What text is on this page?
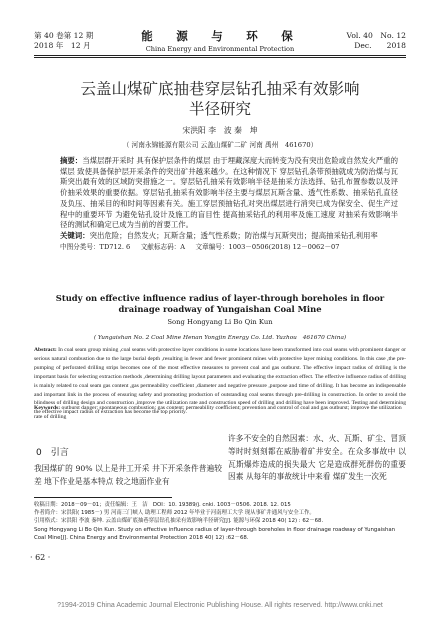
第 40 卷第 12 期
2018 年　12 月
能　源　与　环　保
China Energy and Environmental Protection
Vol. 40　No. 12
Dec.　　2018
云盖山煤矿底抽巷穿层钻孔抽采有效影响
半径研究
宋洪阳 李　波 秦　坤
（ 河南永锦能源有限公司 云盖山煤矿二矿 河南 禹州　461670）
摘要：当煤层群开采时 具有保护层条件的煤层 由于埋藏深度大而转变为没有突出危险或自然发火严重的煤层 致使具备保护层开采条件的突出矿井越来越少。在这种情况下 穿层钻孔条带预抽就成为防治煤与瓦斯突出最有效的区域防突措施之一。穿层钻孔抽采有效影响半径是抽采方法选择、钻孔布置参数以及评价抽采效果的重要依据。穿层钻孔抽采有效影响半径主要与煤层瓦斯含量、透气性系数、抽采钻孔直径及负压、抽采目的和时间等因素有关。施工穿层预抽钻孔对突出煤层进行消突已成为保安全、促生产过程中的重要环节 为避免钻孔设计及施工的盲目性 提高抽采钻孔的利用率及施工速度 对抽采有效影响半径的测试和确定已成为当前的首要工作。
关键词：突出危险；自然发火；瓦斯含量；透气性系数；防治煤与瓦斯突出；提高抽采钻孔利用率
中图分类号：TD712. 6 文献标志码：A 文章编号：1003－0506(2018) 12－0062－07
Study on effective influence radius of layer-through boreholes in floor
drainage roadway of Yungaishan Coal Mine
Song Hongyang Li Bo Qin Kun
( Yungaishan No. 2 Coal Mine Henan Yongjin Energy Co. Ltd. Yuzhou　461670 China)
Abstract: In coal seam group mining ,coal seams with protective layer conditions in some locations have been transformed into coal seams with prominent danger or serious natural combustion due to the large burial depth ,resulting in fewer and fewer prominent mines with protective layer mining conditions. In this case ,the pre-pumping of perforated drilling strips becomes one of the most effective measures to prevent coal and gas outburst. The effective impact radius of drilling is the important basis for selecting extraction methods ,determining drilling layout parameters and evaluating the extraction effect. The effective influence radius of drilling is mainly related to coal seam gas content ,gas permeability coefficient ,diameter and negative pressure ,purpose and time of drilling. It has become an indispensable and important link in the process of ensuring safety and promoting production of outstanding coal seams through pre-drilling in construction. In order to avoid the blindness of drilling design and construction ,improve the utilization rate and construction speed of drilling and drilling have been improved. Testing and determining the effective impact radius of extraction has become the top priority.
Keywords: outburst danger; spontaneous combustion; gas content; permeability coefficient; prevention and control of coal and gas outburst; improve the utilization rate of drilling
0　引言
我国煤矿的 90% 以上是井工开采 井下开采条件普遍较差 地下作业是基本特点 较之地面作业有
许多不安全的自然因素：水、火、瓦斯、矿尘、冒顶等时时刻刻都在威胁着矿井安全。在众多事故中 以瓦斯爆炸造成的损失最大 它是造成群死群伤的重要因素 从每年的事故统计中来看 煤矿发生一次死
收稿日期：2018－09－01；责任编辑：王　洁 DOI：10. 19389/j. cnki. 1003－0506. 2018. 12. 015
作者简介：宋洪阳( 1985－) 男 河南三门峡人 助理工程师 2012 年毕业于河南理工大学 现从事矿井通风与安全工作。
引用格式：宋洪阳 李波 秦坤. 云盖山煤矿底抽巷穿层钻孔抽采有效影响半径研究[J]. 能源与环保 2018 40( 12) : 62－68.
Song Hongyang Li Bo Qin Kun. Study on effective influence radius of layer-through boreholes in floor drainage roadway of Yungaishan Coal Mine[J]. China Energy and Environmental Protection 2018 40( 12) :62－68.
· 62 ·
?1994-2019 China Academic Journal Electronic Publishing House. All rights reserved. http://www.cnki.net
